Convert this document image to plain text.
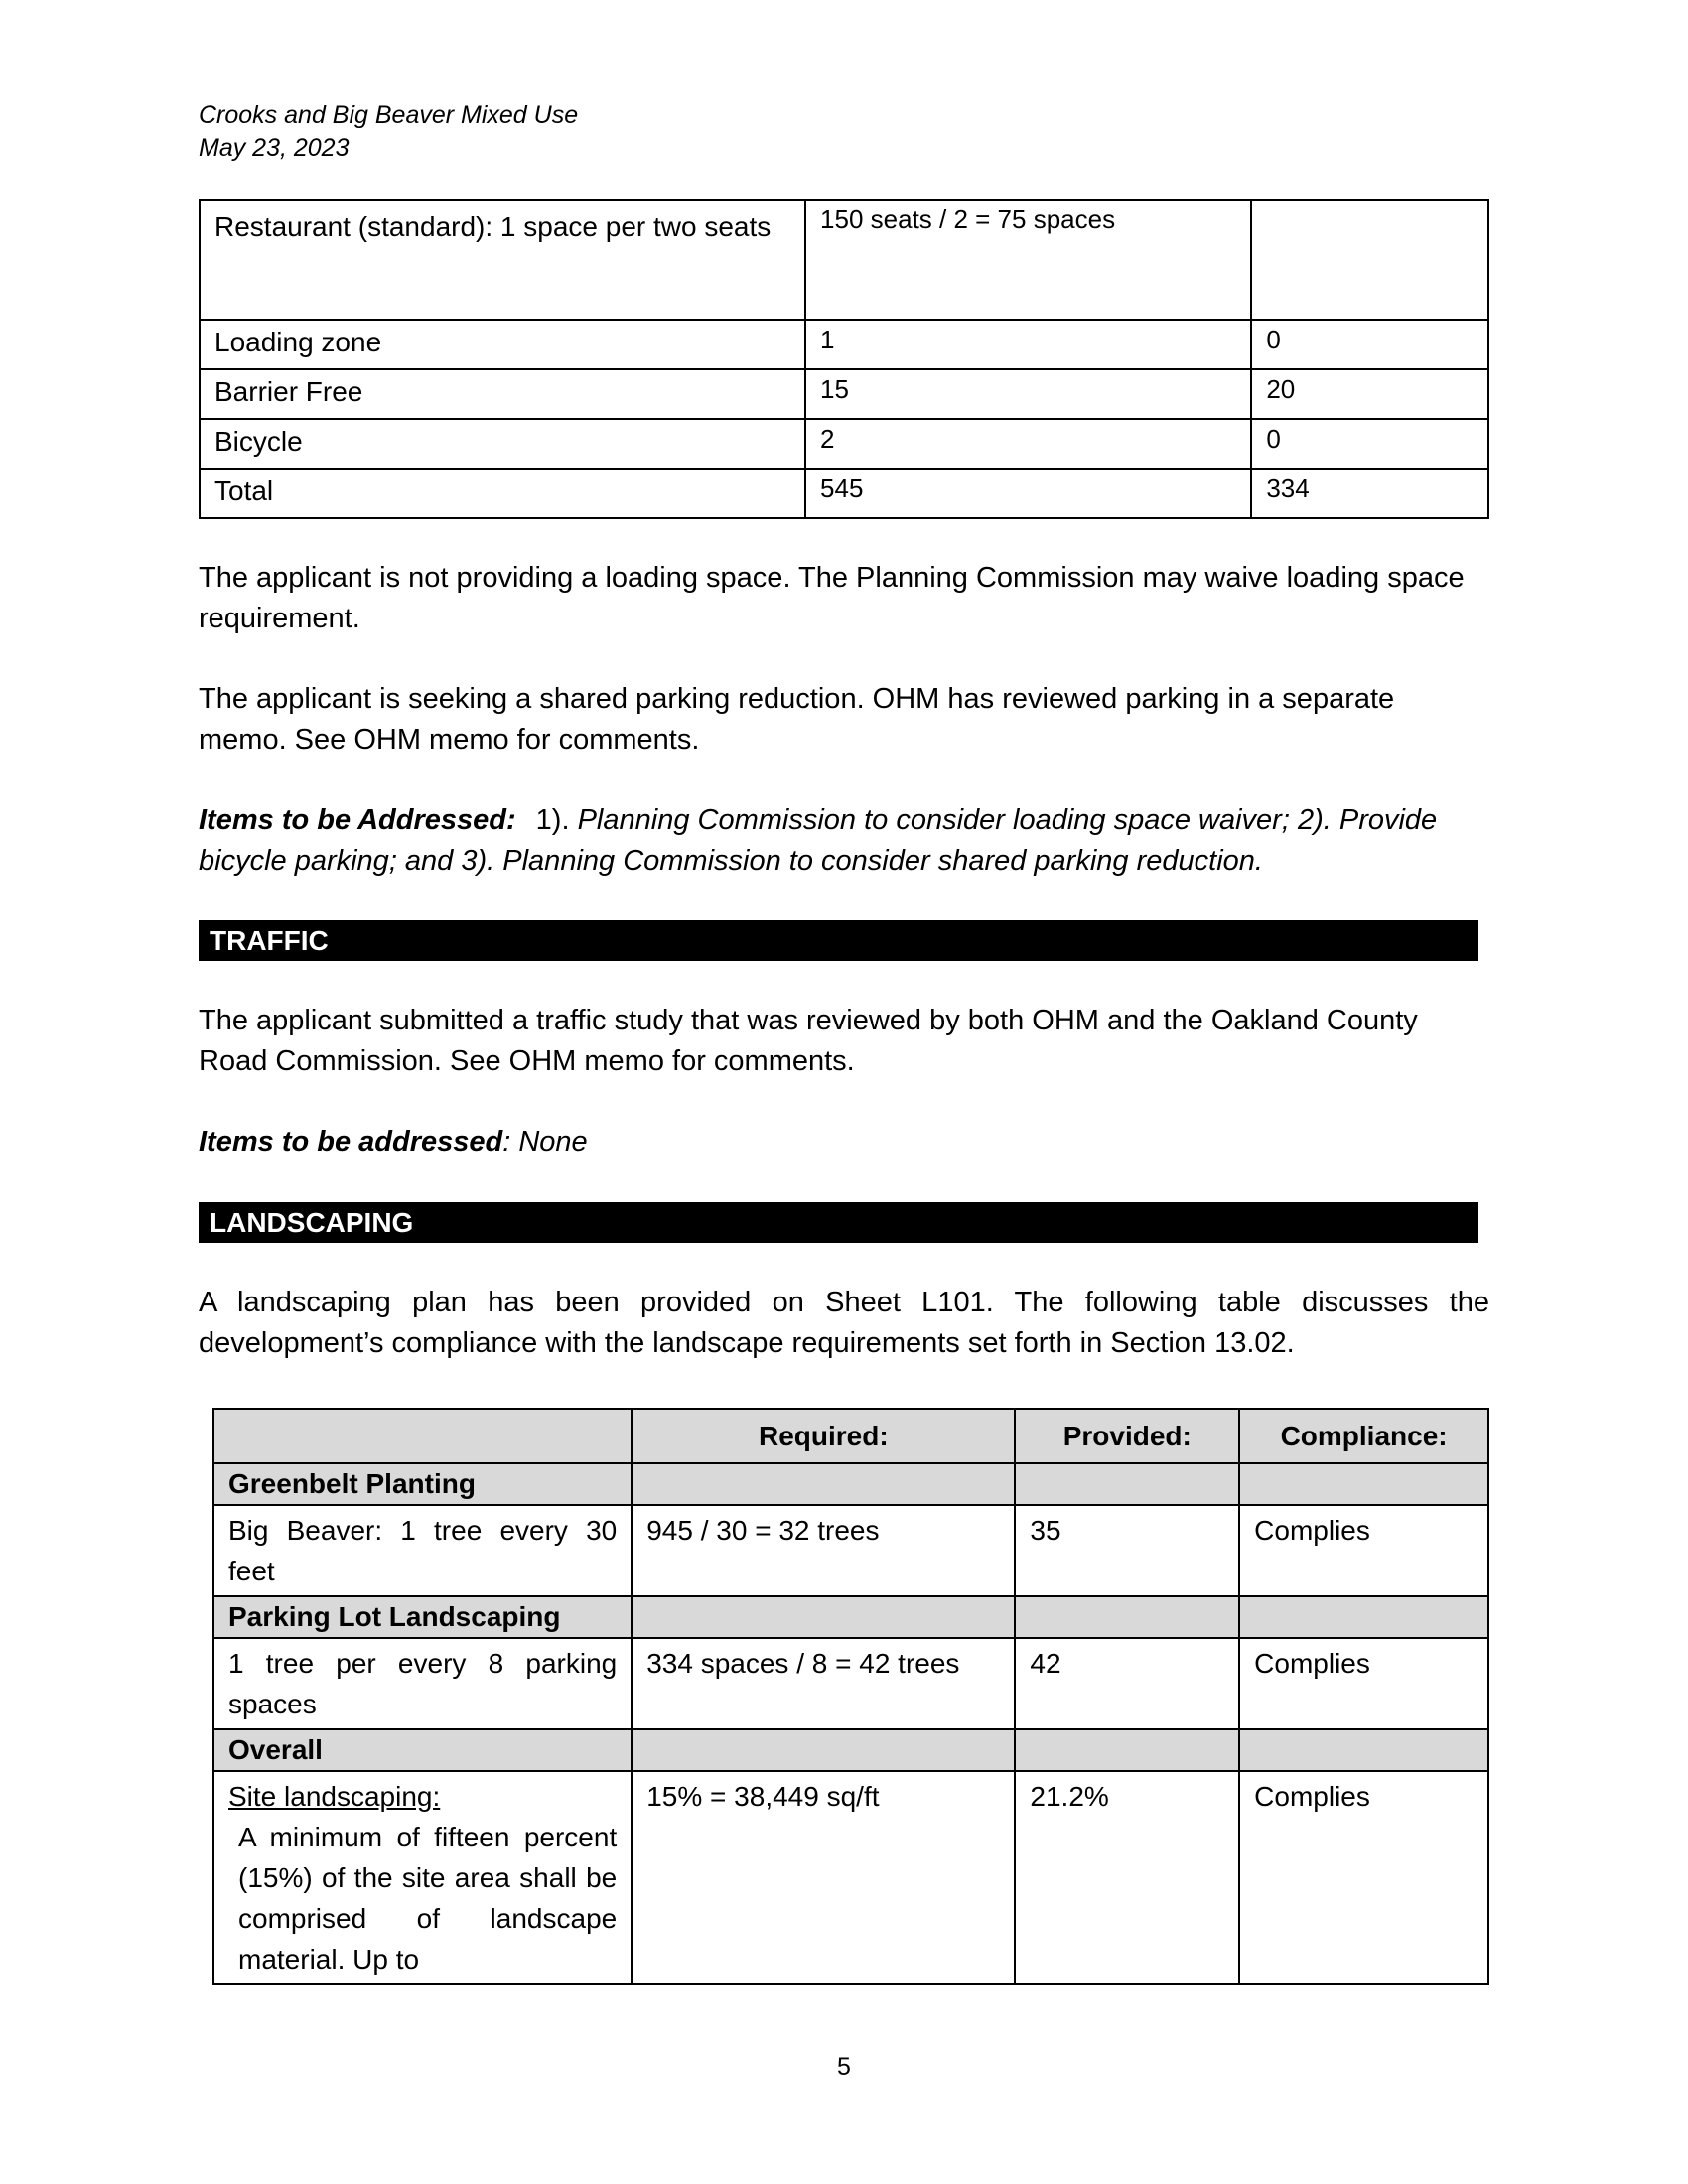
Crooks and Big Beaver Mixed Use
May 23, 2023
Restaurant (standard): 1 space per two seats	150 seats / 2 = 75 spaces	
Loading zone	1	0
Barrier Free	15	20
Bicycle	2	0
Total	545	334

The applicant is not providing a loading space. The Planning Commission may waive loading space requirement.

The applicant is seeking a shared parking reduction. OHM has reviewed parking in a separate memo. See OHM memo for comments.

Items to be Addressed: 1). Planning Commission to consider loading space waiver; 2). Provide bicycle parking; and 3). Planning Commission to consider shared parking reduction.

TRAFFIC

The applicant submitted a traffic study that was reviewed by both OHM and the Oakland County Road Commission. See OHM memo for comments.

Items to be addressed: None

LANDSCAPING

A landscaping plan has been provided on Sheet L101. The following table discusses the development’s compliance with the landscape requirements set forth in Section 13.02.

	Required:	Provided:	Compliance:
Greenbelt Planting			
Big Beaver: 1 tree every 30 feet	945 / 30 = 32 trees	35	Complies
Parking Lot Landscaping			
1 tree per every 8 parking spaces	334 spaces / 8 = 42 trees	42	Complies
Overall			

Site landscaping:
A minimum of fifteen percent (15%) of the site area shall be comprised of landscape material. Up to	15% = 38,449 sq/ft	21.2%	Complies
5
